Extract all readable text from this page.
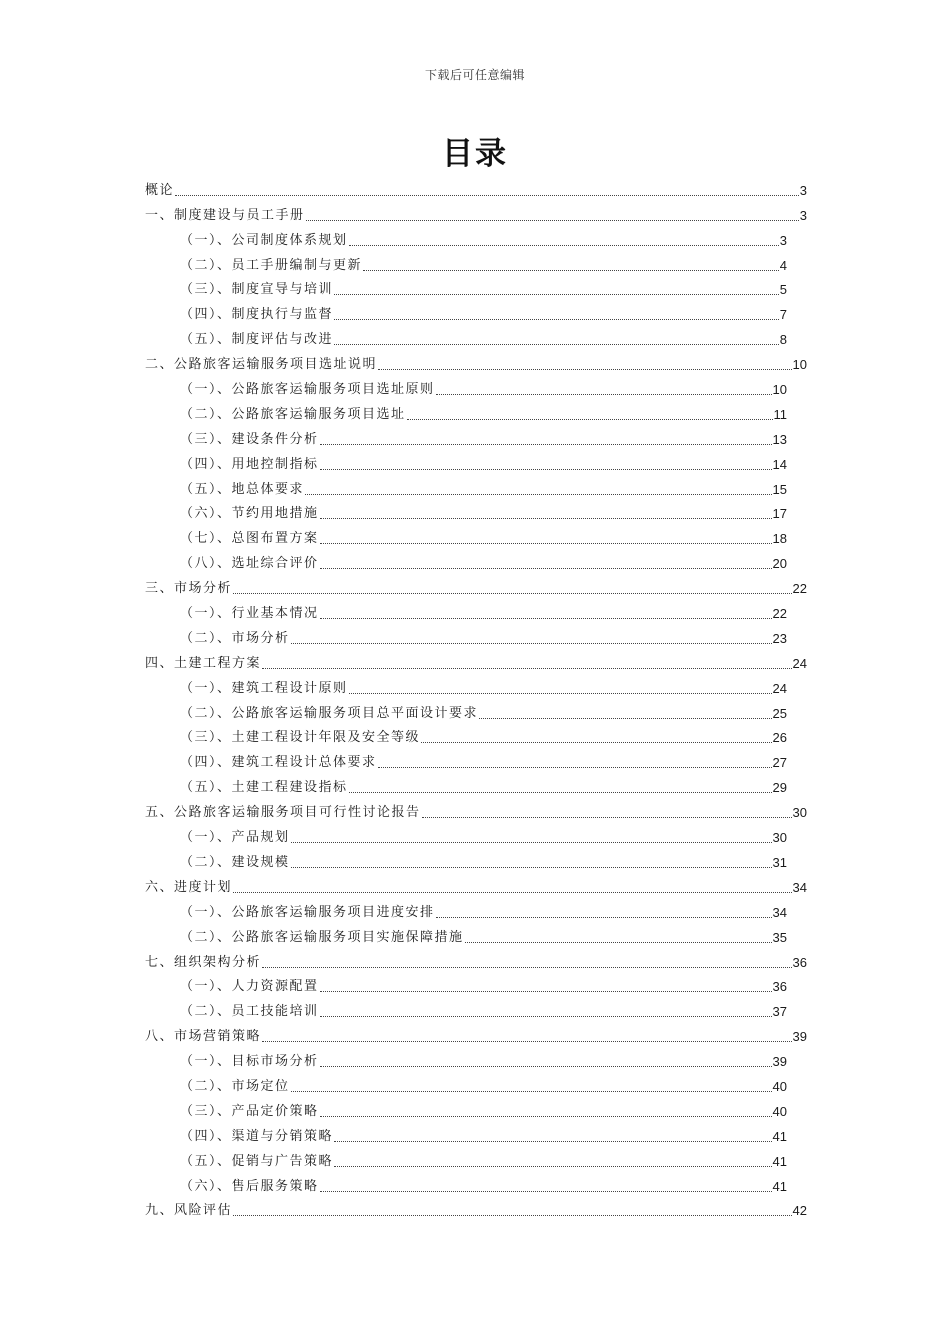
下载后可任意编辑
目录
概论	3
一、制度建设与员工手册	3
（一）、公司制度体系规划	3
（二）、员工手册编制与更新	4
（三）、制度宣导与培训	5
（四）、制度执行与监督	7
（五）、制度评估与改进	8
二、公路旅客运输服务项目选址说明	10
（一）、公路旅客运输服务项目选址原则	10
（二）、公路旅客运输服务项目选址	11
（三）、建设条件分析	13
（四）、用地控制指标	14
（五）、地总体要求	15
（六）、节约用地措施	17
（七）、总图布置方案	18
（八）、选址综合评价	20
三、市场分析	22
（一）、行业基本情况	22
（二）、市场分析	23
四、土建工程方案	24
（一）、建筑工程设计原则	24
（二）、公路旅客运输服务项目总平面设计要求	25
（三）、土建工程设计年限及安全等级	26
（四）、建筑工程设计总体要求	27
（五）、土建工程建设指标	29
五、公路旅客运输服务项目可行性讨论报告	30
（一）、产品规划	30
（二）、建设规模	31
六、进度计划	34
（一）、公路旅客运输服务项目进度安排	34
（二）、公路旅客运输服务项目实施保障措施	35
七、组织架构分析	36
（一）、人力资源配置	36
（二）、员工技能培训	37
八、市场营销策略	39
（一）、目标市场分析	39
（二）、市场定位	40
（三）、产品定价策略	40
（四）、渠道与分销策略	41
（五）、促销与广告策略	41
（六）、售后服务策略	41
九、风险评估	42
